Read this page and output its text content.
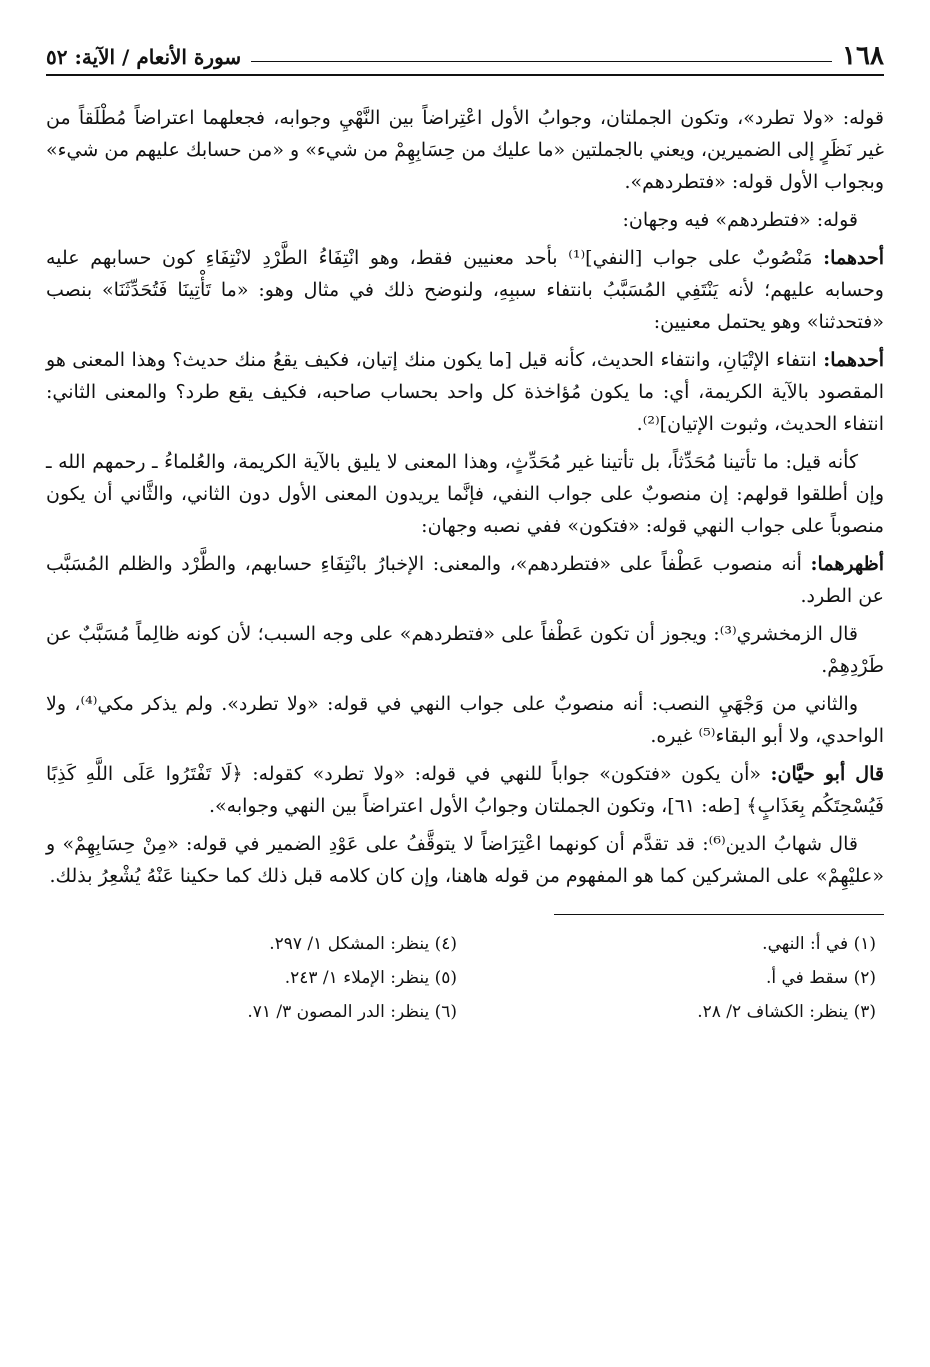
١٦٨
سورة الأنعام / الآية: ٥٢

قوله: «ولا تطرد»، وتكون الجملتان، وجوابُ الأول اعْتِراضاً بين النَّهْيِ وجوابه، فجعلهما اعتراضاً مُطْلَقاً من غير نَظَرٍ إلى الضميرين، ويعني بالجملتين «ما عليك من حِسَابِهِمْ من شيء» و «من حسابك عليهم من شيء» وبجواب الأول قوله: «فتطردهم».

قوله: «فتطردهم» فيه وجهان:

أحدهما: مَنْصُوبٌ على جواب [النفي]⁽¹⁾ بأحد معنيين فقط، وهو انْتِفَاءُ الطَّرْدِ لانْتِفَاءِ كون حسابهم عليه وحسابه عليهم؛ لأنه يَنْتَفِي المُسَبَّبُ بانتفاء سببِهِ، ولنوضح ذلك في مثال وهو: «ما تَأْتِينَا فَتُحَدِّثَنَا» بنصب «فتحدثنا» وهو يحتمل معنيين:

أحدهما: انتفاء الإتْيَانِ، وانتفاء الحديث، كأنه قيل [ما يكون منك إتيان، فكيف يقعُ منك حديث؟ وهذا المعنى هو المقصود بالآية الكريمة، أي: ما يكون مُؤاخذة كل واحد بحساب صاحبه، فكيف يقع طرد؟ والمعنى الثاني: انتفاء الحديث، وثبوت الإتيان]⁽²⁾.

كأنه قيل: ما تأتينا مُحَدِّثاً، بل تأتينا غير مُحَدِّثٍ، وهذا المعنى لا يليق بالآية الكريمة، والعُلماءُ ـ رحمهم الله ـ وإن أطلقوا قولهم: إن منصوبٌ على جواب النفي، فإنَّما يريدون المعنى الأول دون الثاني، والثَّاني أن يكون منصوباً على جواب النهي قوله: «فتكون» ففي نصبه وجهان:

أظهرهما: أنه منصوب عَطْفاً على «فتطردهم»، والمعنى: الإخبارُ بانْتِفَاءِ حسابهم، والطَّرْد والظلم المُسَبَّب عن الطرد.

قال الزمخشري⁽³⁾: ويجوز أن تكون عَطْفاً على «فتطردهم» على وجه السبب؛ لأن كونه ظالِماً مُسَبَّبٌ عن طَرْدِهِمْ.

والثاني من وَجْهَيِ النصب: أنه منصوبٌ على جواب النهي في قوله: «ولا تطرد». ولم يذكر مكي⁽⁴⁾، ولا الواحدي، ولا أبو البقاء⁽⁵⁾ غيره.

قال أبو حيَّان: «أن يكون «فتكون» جواباً للنهي في قوله: «ولا تطرد» كقوله: ﴿لَا تَفْتَرُوا عَلَى اللَّهِ كَذِبًا فَيُسْحِتَكُم بِعَذَابٍ﴾ [طه: ٦١]، وتكون الجملتان وجوابُ الأول اعتراضاً بين النهي وجوابه».

قال شهابُ الدين⁽⁶⁾: قد تقدَّم أن كونهما اعْتِرَاضاً لا يتوقَّفُ على عَوْدِ الضمير في قوله: «مِنْ حِسَابِهِمْ» و «عليْهِمْ» على المشركين كما هو المفهوم من قوله هاهنا، وإن كان كلامه قبل ذلك كما حكينا عَنْهُ يُشْعِرُ بذلك.

(١) في أ: النهي.
(٢) سقط في أ.
(٣) ينظر: الكشاف ٢/ ٢٨.
(٤) ينظر: المشكل ١/ ٢٩٧.
(٥) ينظر: الإملاء ١/ ٢٤٣.
(٦) ينظر: الدر المصون ٣/ ٧١.
